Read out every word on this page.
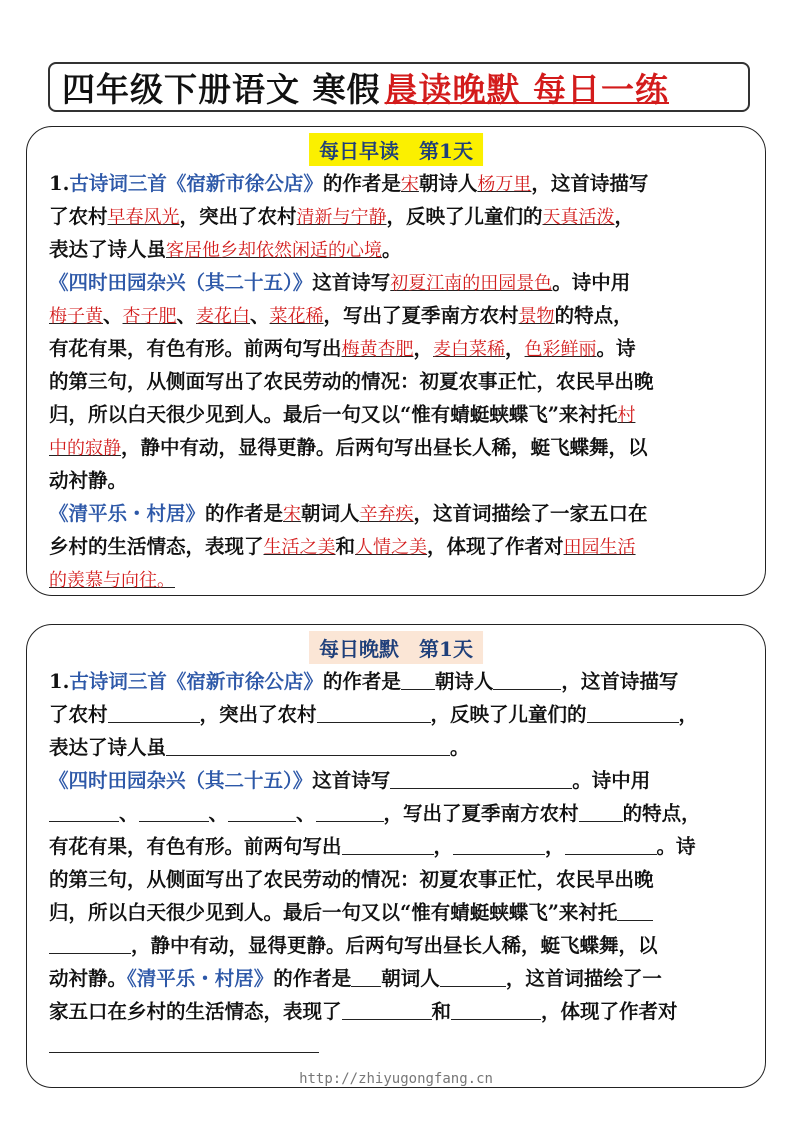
四年级下册语文 寒假 晨读晚默 每日一练
每日早读　第1天
1.古诗词三首《宿新市徐公店》的作者是宋朝诗人杨万里，这首诗描写
了农村早春风光，突出了农村清新与宁静，反映了儿童们的天真活泼，
表达了诗人虽客居他乡却依然闲适的心境。
《四时田园杂兴（其二十五）》这首诗写初夏江南的田园景色。诗中用
梅子黄、杏子肥、麦花白、菜花稀，写出了夏季南方农村景物的特点，
有花有果，有色有形。前两句写出梅黄杏肥，麦白菜稀，色彩鲜丽。诗
的第三句，从侧面写出了农民劳动的情况：初夏农事正忙，农民早出晚
归，所以白天很少见到人。最后一句又以“惟有蜻蜓蛱蝶飞”来衬托村
中的寂静，静中有动，显得更静。后两句写出昼长人稀，蜓飞蝶舞，以
动衬静。
《清平乐・村居》的作者是宋朝词人辛弃疾，这首词描绘了一家五口在
乡村的生活情态，表现了生活之美和人情之美，体现了作者对田园生活
的羡慕与向往。
每日晚默　第1天
1.古诗词三首《宿新市徐公店》的作者是 朝诗人	，这首诗描写
了农村	，突出了农村	，反映了儿童们的	，
表达了诗人虽	。
《四时田园杂兴（其二十五）》这首诗写	。诗中用
、	、	、	，写出了夏季南方农村 的特点，
有花有果，有色有形。前两句写出	，	，	。诗
的第三句，从侧面写出了农民劳动的情况：初夏农事正忙，农民早出晚
归，所以白天很少见到人。最后一句又以“惟有蜻蜓蛱蝶飞”来衬托
，静中有动，显得更静。后两句写出昼长人稀，蜓飞蝶舞，以
动衬静。《清平乐・村居》的作者是 朝词人	，这首词描绘了一
家五口在乡村的生活情态，表现了	和	，体现了作者对
http://zhiyugongfang.cn
